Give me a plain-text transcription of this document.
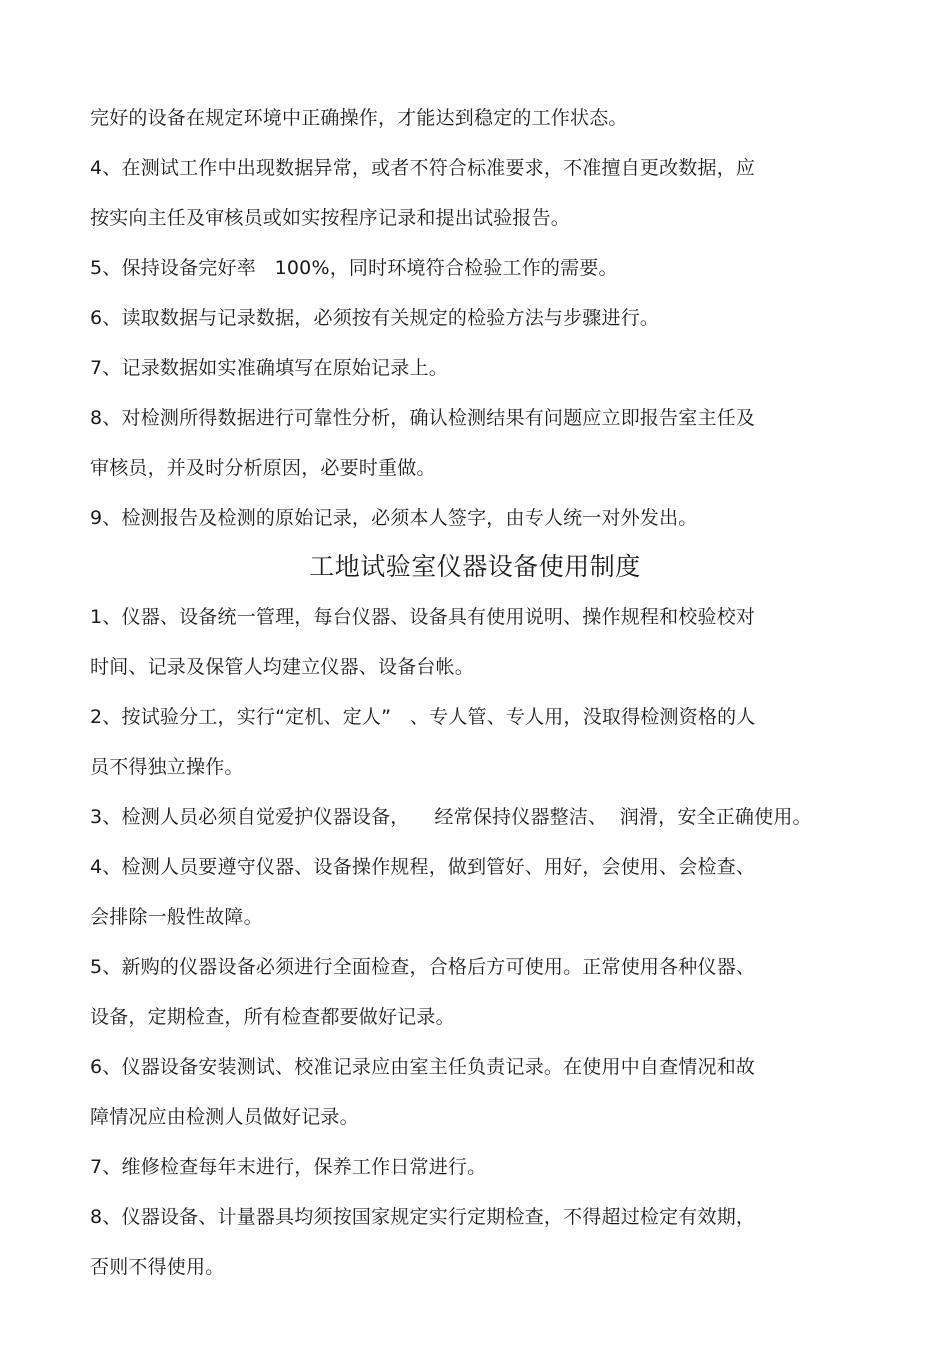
完好的设备在规定环境中正确操作，才能达到稳定的工作状态。
4、在测试工作中出现数据异常，或者不符合标准要求，不准擅自更改数据，应
按实向主任及审核员或如实按程序记录和提出试验报告。
5、保持设备完好率   100%，同时环境符合检验工作的需要。
6、读取数据与记录数据，必须按有关规定的检验方法与步骤进行。
7、记录数据如实准确填写在原始记录上。
8、对检测所得数据进行可靠性分析，确认检测结果有问题应立即报告室主任及
审核员，并及时分析原因，必要时重做。
9、检测报告及检测的原始记录，必须本人签字，由专人统一对外发出。
工地试验室仪器设备使用制度
1、仪器、设备统一管理，每台仪器、设备具有使用说明、操作规程和校验校对
时间、记录及保管人均建立仪器、设备台帐。
2、按试验分工，实行“定机、定人”   、专人管、专人用，没取得检测资格的人
员不得独立操作。
3、检测人员必须自觉爱护仪器设备，    经常保持仪器整洁、  润滑，安全正确使用。
4、检测人员要遵守仪器、设备操作规程，做到管好、用好，会使用、会检查、
会排除一般性故障。
5、新购的仪器设备必须进行全面检查，合格后方可使用。正常使用各种仪器、
设备，定期检查，所有检查都要做好记录。
6、仪器设备安装测试、校准记录应由室主任负责记录。在使用中自查情况和故
障情况应由检测人员做好记录。
7、维修检查每年末进行，保养工作日常进行。
8、仪器设备、计量器具均须按国家规定实行定期检查，不得超过检定有效期，
否则不得使用。
